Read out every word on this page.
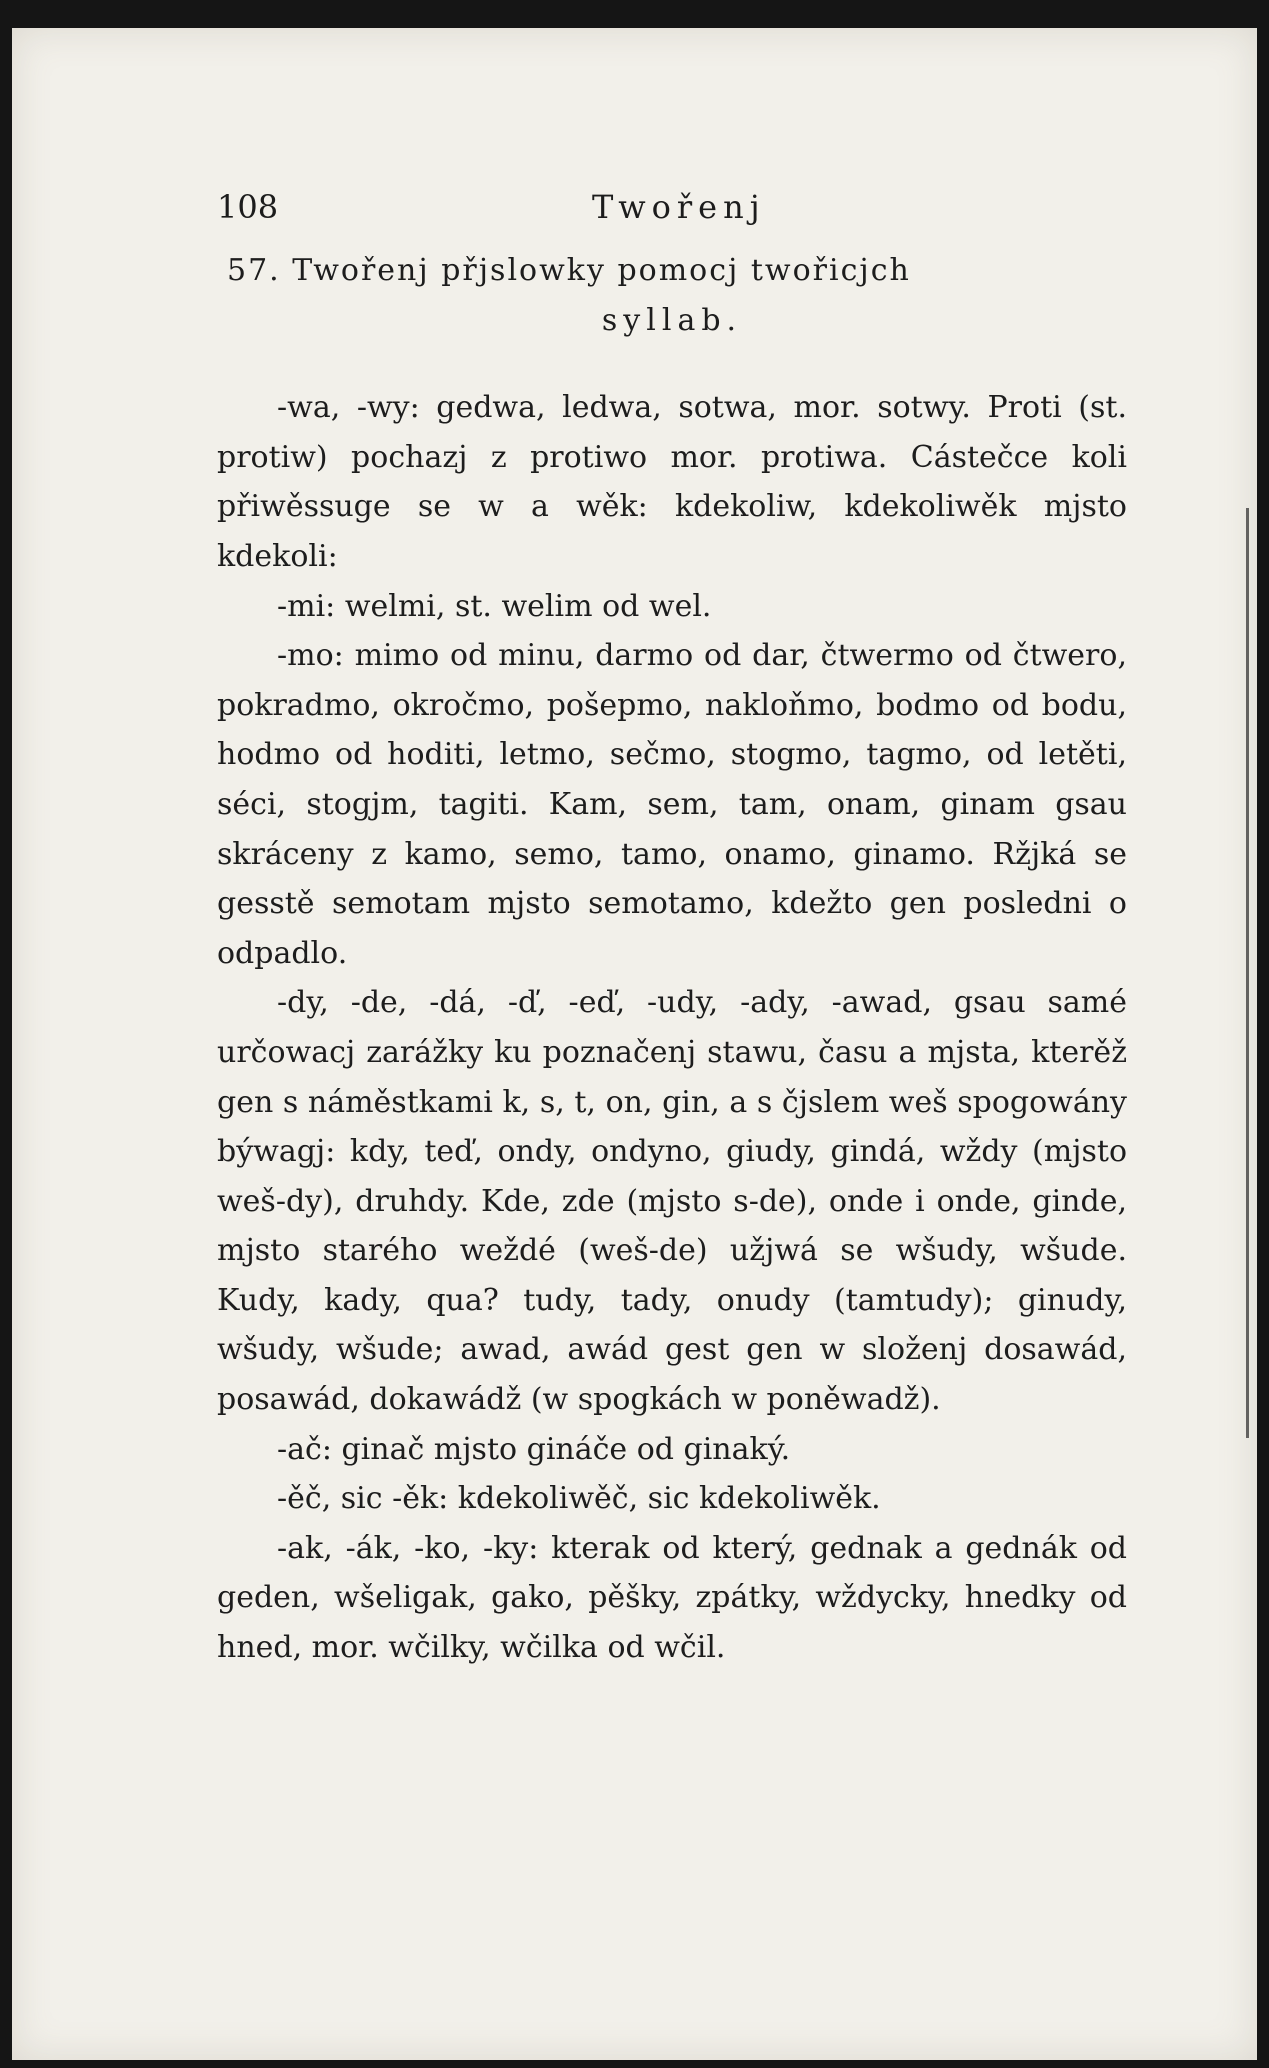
108	Twořenj

57. Twořenj přjslowky pomocj twořicjch

syllab.

-wa, -wy: gedwa, ledwa, sotwa, mor. sotwy. Proti (st. protiw) pochazj z protiwo mor. protiwa. Cástečce koli přiwěssuge se w a wěk: kdekoliw, kdekoliwěk mjsto kdekoli:

-mi: welmi, st. welim od wel.

-mo: mimo od minu, darmo od dar, čtwermo od čtwero, pokradmo, okročmo, pošepmo, nakloňmo, bodmo od bodu, hodmo od hoditi, letmo, sečmo, stogmo, tagmo, od letěti, séci, stogjm, tagiti. Kam, sem, tam, onam, ginam gsau skráceny z kamo, semo, tamo, onamo, ginamo. Ržjká se gesstě semotam mjsto semotamo, kdežto gen posledni o odpadlo.

-dy, -de, -dá, -ď, -eď, -udy, -ady, -awad, gsau samé určowacj zarážky ku poznačenj stawu, času a mjsta, kterěž gen s náměstkami k, s, t, on, gin, a s čjslem weš spogowány býwagj: kdy, teď, ondy, ondyno, giudy, gindá, wždy (mjsto weš-dy), druhdy. Kde, zde (mjsto s-de), onde i onde, ginde, mjsto starého weždé (weš-de) užjwá se wšudy, wšude. Kudy, kady, qua? tudy, tady, onudy (tamtudy); ginudy, wšudy, wšude; awad, awád gest gen w složenj dosawád, posawád, dokawádž (w spogkách w poněwadž).

-ač: ginač mjsto gináče od ginaký.

-ěč, sic -ěk: kdekoliwěč, sic kdekoliwěk.

-ak, -ák, -ko, -ky: kterak od který, gednak a gednák od geden, wšeligak, gako, pěšky, zpátky, wždycky, hnedky od hned, mor. wčilky, wčilka od wčil.
